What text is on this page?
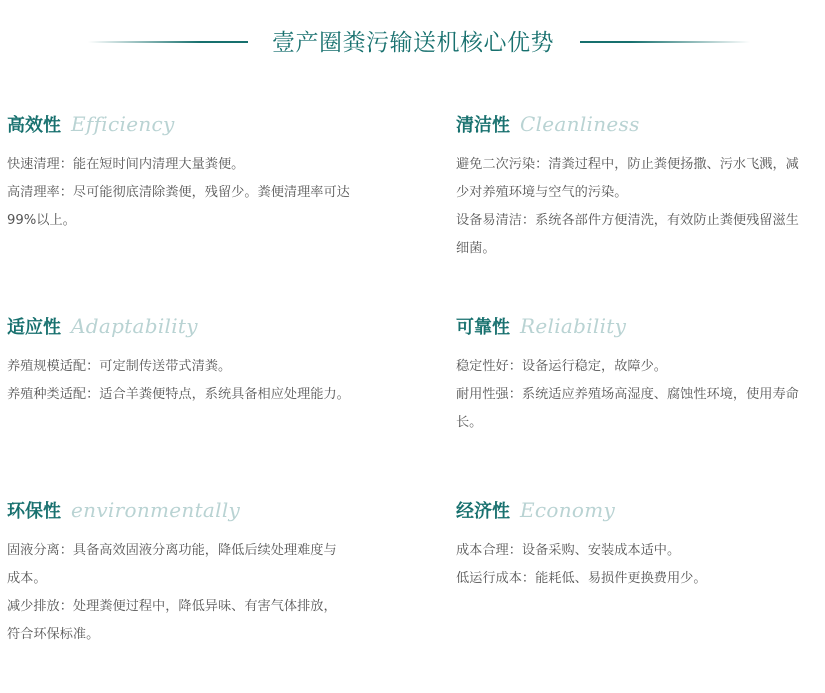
壹产圈粪污输送机核心优势
高效性 Efficiency

快速清理：能在短时间内清理大量粪便。

高清理率：尽可能彻底清除粪便，残留少。粪便清理率可达

99%以上。

清洁性 Cleanliness

避免二次污染：清粪过程中，防止粪便扬撒、污水飞溅，减

少对养殖环境与空气的污染。

设备易清洁：系统各部件方便清洗，有效防止粪便残留滋生

细菌。

适应性 Adaptability

养殖规模适配：可定制传送带式清粪。

养殖种类适配：适合羊粪便特点，系统具备相应处理能力。

可靠性 Reliability

稳定性好：设备运行稳定，故障少。

耐用性强：系统适应养殖场高湿度、腐蚀性环境，使用寿命

长。

环保性 environmentally

固液分离：具备高效固液分离功能，降低后续处理难度与

成本。

减少排放：处理粪便过程中，降低异味、有害气体排放，

符合环保标准。

经济性 Economy

成本合理：设备采购、安装成本适中。

低运行成本：能耗低、易损件更换费用少。
